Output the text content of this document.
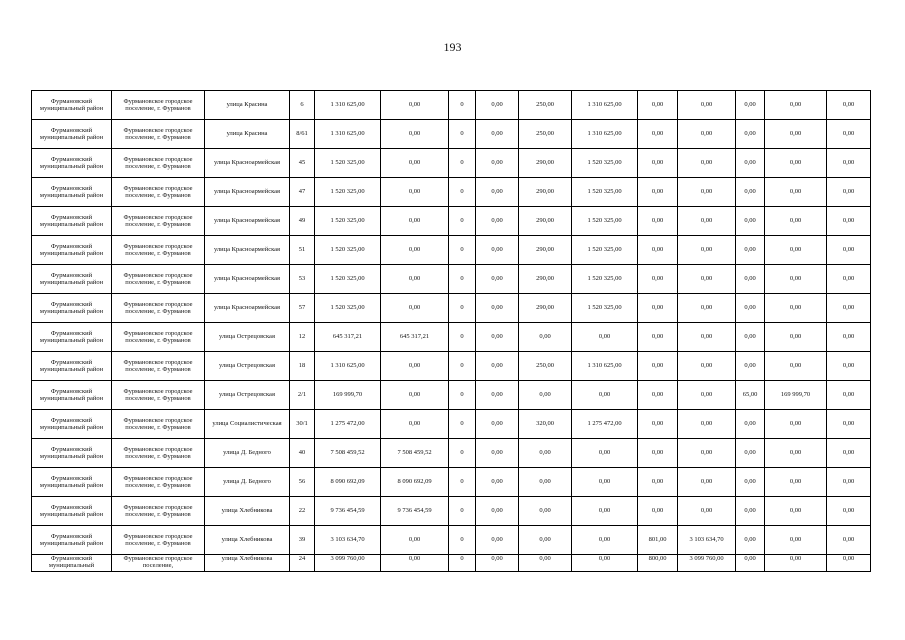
193
Фурмановский муниципальный район	Фурмановское городское поселение, г. Фурманов	улица Красина	6	1 310 625,00	0,00	0	0,00	250,00	1 310 625,00	0,00	0,00	0,00	0,00	0,00
Фурмановский муниципальный район	Фурмановское городское поселение, г. Фурманов	улица Красина	8/61	1 310 625,00	0,00	0	0,00	250,00	1 310 625,00	0,00	0,00	0,00	0,00	0,00
Фурмановский муниципальный район	Фурмановское городское поселение, г. Фурманов	улица Красноармейская	45	1 520 325,00	0,00	0	0,00	290,00	1 520 325,00	0,00	0,00	0,00	0,00	0,00
Фурмановский муниципальный район	Фурмановское городское поселение, г. Фурманов	улица Красноармейская	47	1 520 325,00	0,00	0	0,00	290,00	1 520 325,00	0,00	0,00	0,00	0,00	0,00
Фурмановский муниципальный район	Фурмановское городское поселение, г. Фурманов	улица Красноармейская	49	1 520 325,00	0,00	0	0,00	290,00	1 520 325,00	0,00	0,00	0,00	0,00	0,00
Фурмановский муниципальный район	Фурмановское городское поселение, г. Фурманов	улица Красноармейская	51	1 520 325,00	0,00	0	0,00	290,00	1 520 325,00	0,00	0,00	0,00	0,00	0,00
Фурмановский муниципальный район	Фурмановское городское поселение, г. Фурманов	улица Красноармейская	53	1 520 325,00	0,00	0	0,00	290,00	1 520 325,00	0,00	0,00	0,00	0,00	0,00
Фурмановский муниципальный район	Фурмановское городское поселение, г. Фурманов	улица Красноармейская	57	1 520 325,00	0,00	0	0,00	290,00	1 520 325,00	0,00	0,00	0,00	0,00	0,00
Фурмановский муниципальный район	Фурмановское городское поселение, г. Фурманов	улица Острецовская	12	645 317,21	645 317,21	0	0,00	0,00	0,00	0,00	0,00	0,00	0,00	0,00
Фурмановский муниципальный район	Фурмановское городское поселение, г. Фурманов	улица Острецовская	18	1 310 625,00	0,00	0	0,00	250,00	1 310 625,00	0,00	0,00	0,00	0,00	0,00
Фурмановский муниципальный район	Фурмановское городское поселение, г. Фурманов	улица Острецовская	2/1	169 999,70	0,00	0	0,00	0,00	0,00	0,00	0,00	65,00	169 999,70	0,00
Фурмановский муниципальный район	Фурмановское городское поселение, г. Фурманов	улица Социалистическая	30/1	1 275 472,00	0,00	0	0,00	320,00	1 275 472,00	0,00	0,00	0,00	0,00	0,00
Фурмановский муниципальный район	Фурмановское городское поселение, г. Фурманов	улица Д. Бедного	40	7 508 459,52	7 508 459,52	0	0,00	0,00	0,00	0,00	0,00	0,00	0,00	0,00
Фурмановский муниципальный район	Фурмановское городское поселение, г. Фурманов	улица Д. Бедного	56	8 090 692,09	8 090 692,09	0	0,00	0,00	0,00	0,00	0,00	0,00	0,00	0,00
Фурмановский муниципальный район	Фурмановское городское поселение, г. Фурманов	улица Хлебникова	22	9 736 454,59	9 736 454,59	0	0,00	0,00	0,00	0,00	0,00	0,00	0,00	0,00
Фурмановский муниципальный район	Фурмановское городское поселение, г. Фурманов	улица Хлебникова	39	3 103 634,70	0,00	0	0,00	0,00	0,00	801,00	3 103 634,70	0,00	0,00	0,00
Фурмановский муниципальный	Фурмановское городское поселение,	улица Хлебникова	24	3 099 760,00	0,00	0	0,00	0,00	0,00	800,00	3 099 760,00	0,00	0,00	0,00
